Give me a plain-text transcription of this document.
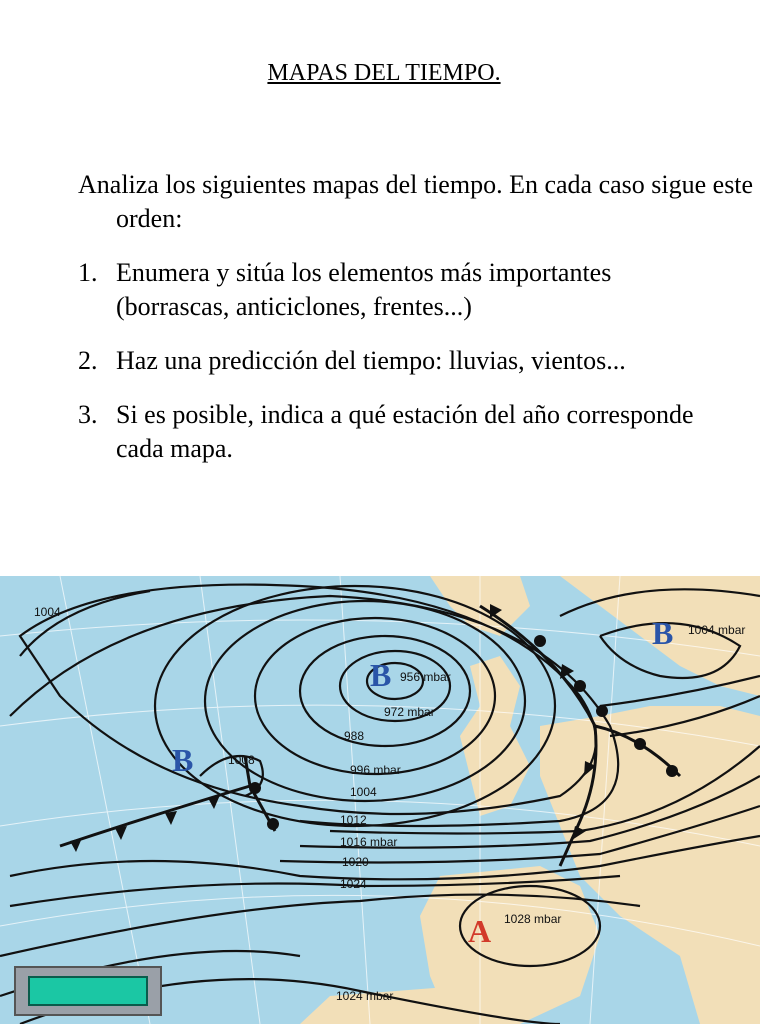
MAPAS DEL TIEMPO.
Analiza los siguientes mapas del tiempo. En cada caso sigue este orden:
1. Enumera y sitúa los elementos más importantes (borrascas, anticiclones, frentes...)
2. Haz una predicción del tiempo: lluvias, vientos...
3. Si es posible, indica a qué estación del año corresponde cada mapa.
B
B
B
A
956 mbar
1004 mbar
1008
1028 mbar
1004
972 mbar
988
996 mbar
1004
1012
1016 mbar
1020
1024
1024 mbar
